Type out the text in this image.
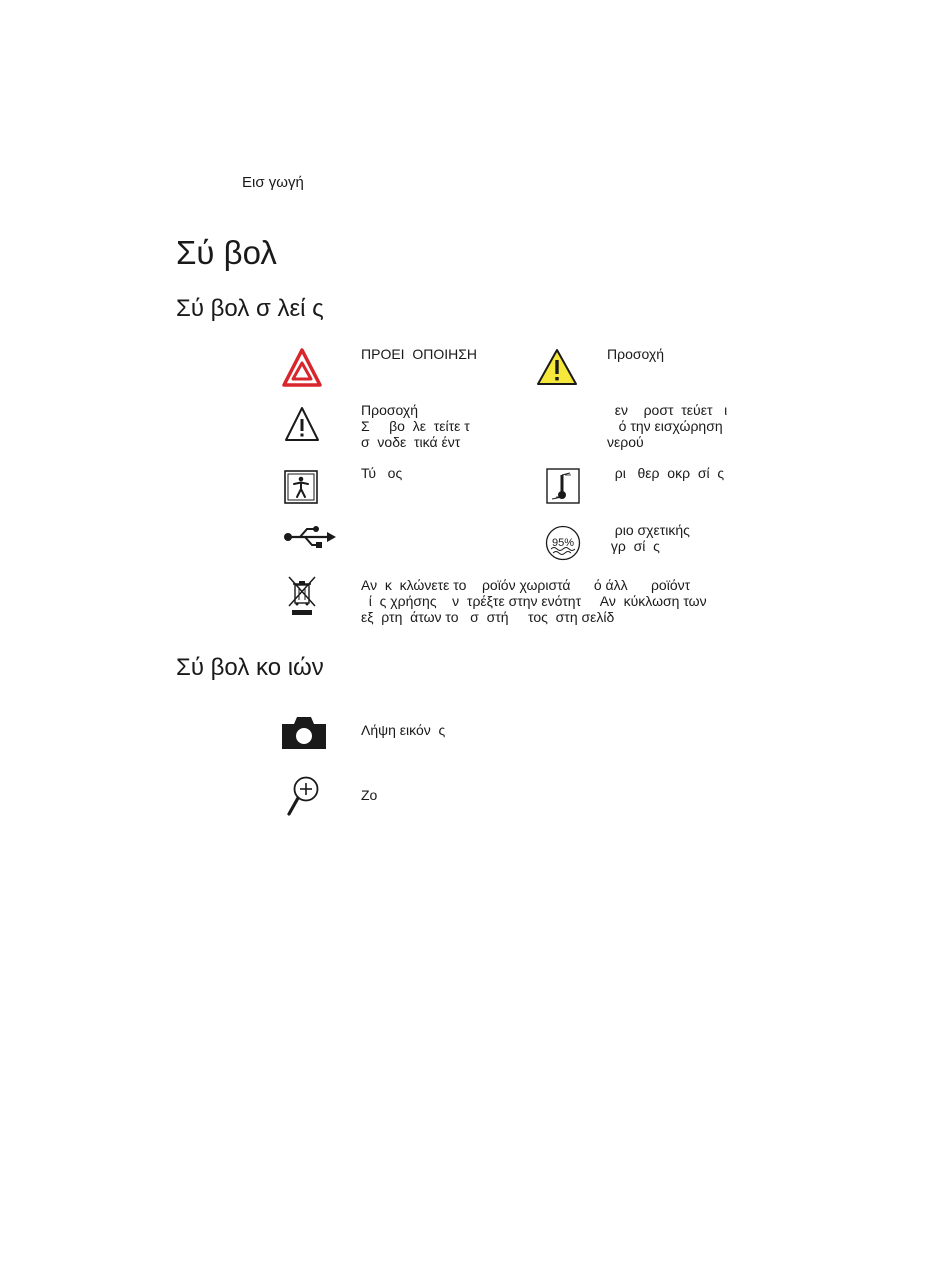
Εισ γωγή
Σύ βολ
Σύ βολ σ λεί ς
ΠΡΟΕΙ  ΟΠΟΙΗΣΗ	Προσοχή
Προσοχή
Σ     βο  λε  τείτε τ
σ  νοδε  τικά έντ
εν    ροστ  τεύετ   ι
ό την εισχώρηση
νερού
Τύ   ος	ρι   θερ  οκρ  σί  ς
95%
ριο σχετικής
γρ  σί  ς
Αν  κ  κλώνετε το    ροϊόν χωριστά      ό άλλ      ροϊόντ
ί  ς χρήσης    ν  τρέξτε στην ενότητ     Αν  κύκλωση των
εξ  ρτη  άτων το   σ  στή     τος  στη σελίδ
Σύ βολ κο ιών
Λήψη εικόν  ς
Zo
